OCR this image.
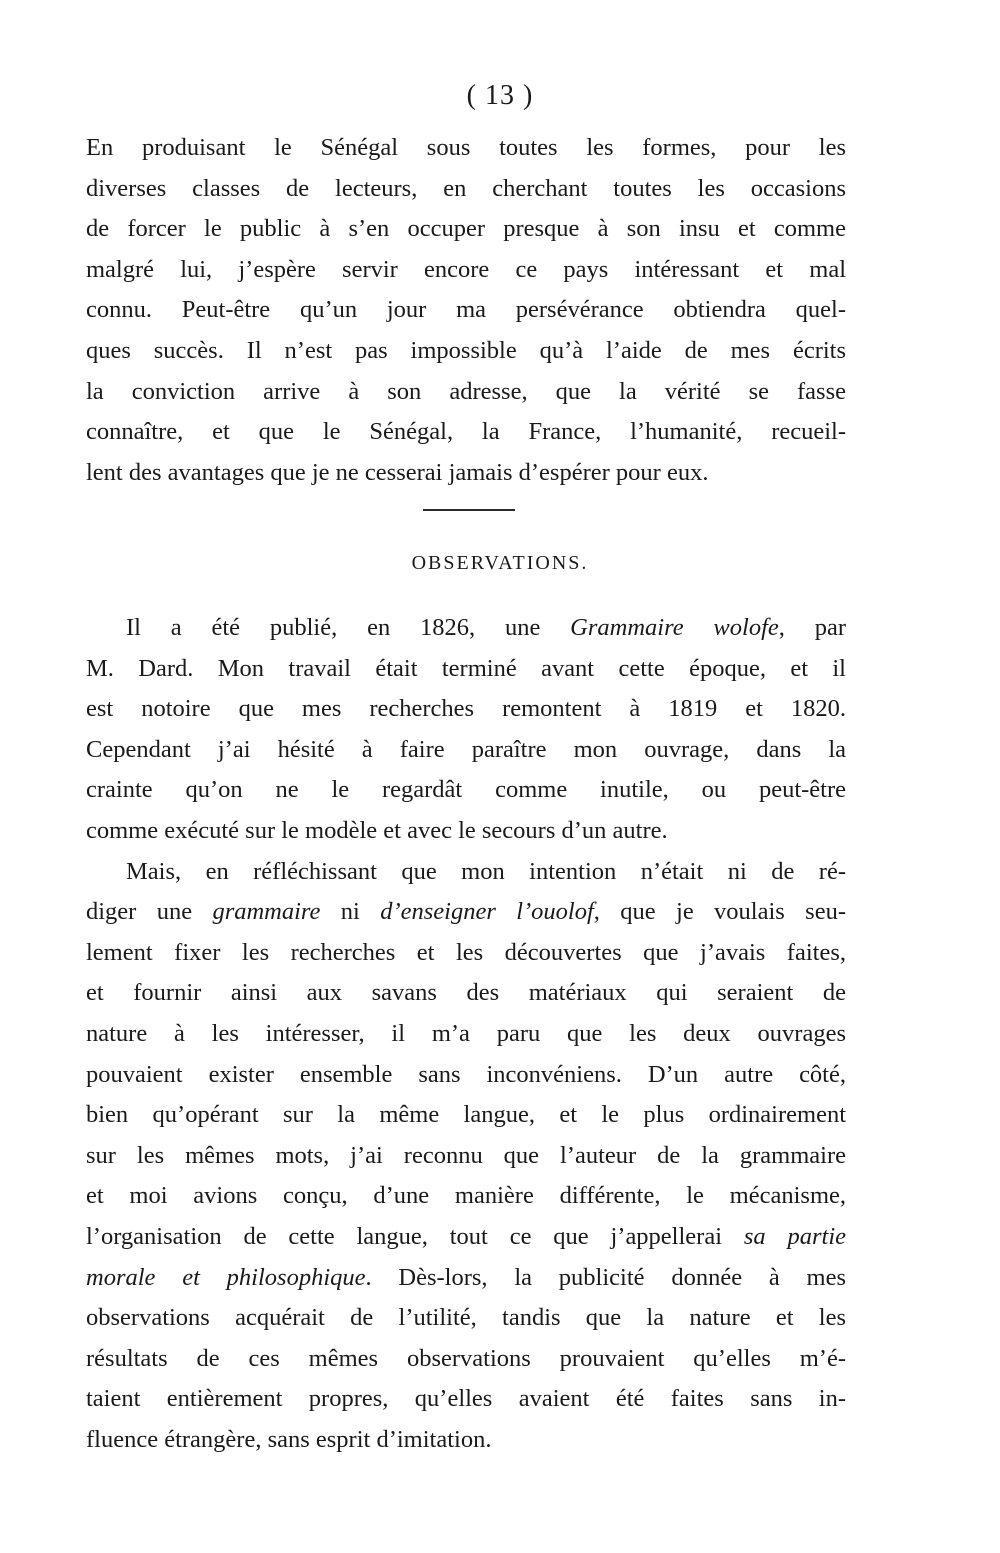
( 13 )
En produisant le Sénégal sous toutes les formes, pour les
diverses classes de lecteurs, en cherchant toutes les occasions
de forcer le public à s’en occuper presque à son insu et comme
malgré lui, j’espère servir encore ce pays intéressant et mal
connu. Peut-être qu’un jour ma persévérance obtiendra quel-
ques succès. Il n’est pas impossible qu’à l’aide de mes écrits
la conviction arrive à son adresse, que la vérité se fasse
connaître, et que le Sénégal, la France, l’humanité, recueil-
lent des avantages que je ne cesserai jamais d’espérer pour eux.
OBSERVATIONS.
Il a été publié, en 1826, une Grammaire wolofe, par
M. Dard. Mon travail était terminé avant cette époque, et il
est notoire que mes recherches remontent à 1819 et 1820.
Cependant j’ai hésité à faire paraître mon ouvrage, dans la
crainte qu’on ne le regardât comme inutile, ou peut-être
comme exécuté sur le modèle et avec le secours d’un autre.
Mais, en réfléchissant que mon intention n’était ni de ré-
diger une grammaire ni d’enseigner l’ouolof, que je voulais seu-
lement fixer les recherches et les découvertes que j’avais faites,
et fournir ainsi aux savans des matériaux qui seraient de
nature à les intéresser, il m’a paru que les deux ouvrages
pouvaient exister ensemble sans inconvéniens. D’un autre côté,
bien qu’opérant sur la même langue, et le plus ordinairement
sur les mêmes mots, j’ai reconnu que l’auteur de la grammaire
et moi avions conçu, d’une manière différente, le mécanisme,
l’organisation de cette langue, tout ce que j’appellerai sa partie
morale et philosophique. Dès-lors, la publicité donnée à mes
observations acquérait de l’utilité, tandis que la nature et les
résultats de ces mêmes observations prouvaient qu’elles m’é-
taient entièrement propres, qu’elles avaient été faites sans in-
fluence étrangère, sans esprit d’imitation.
